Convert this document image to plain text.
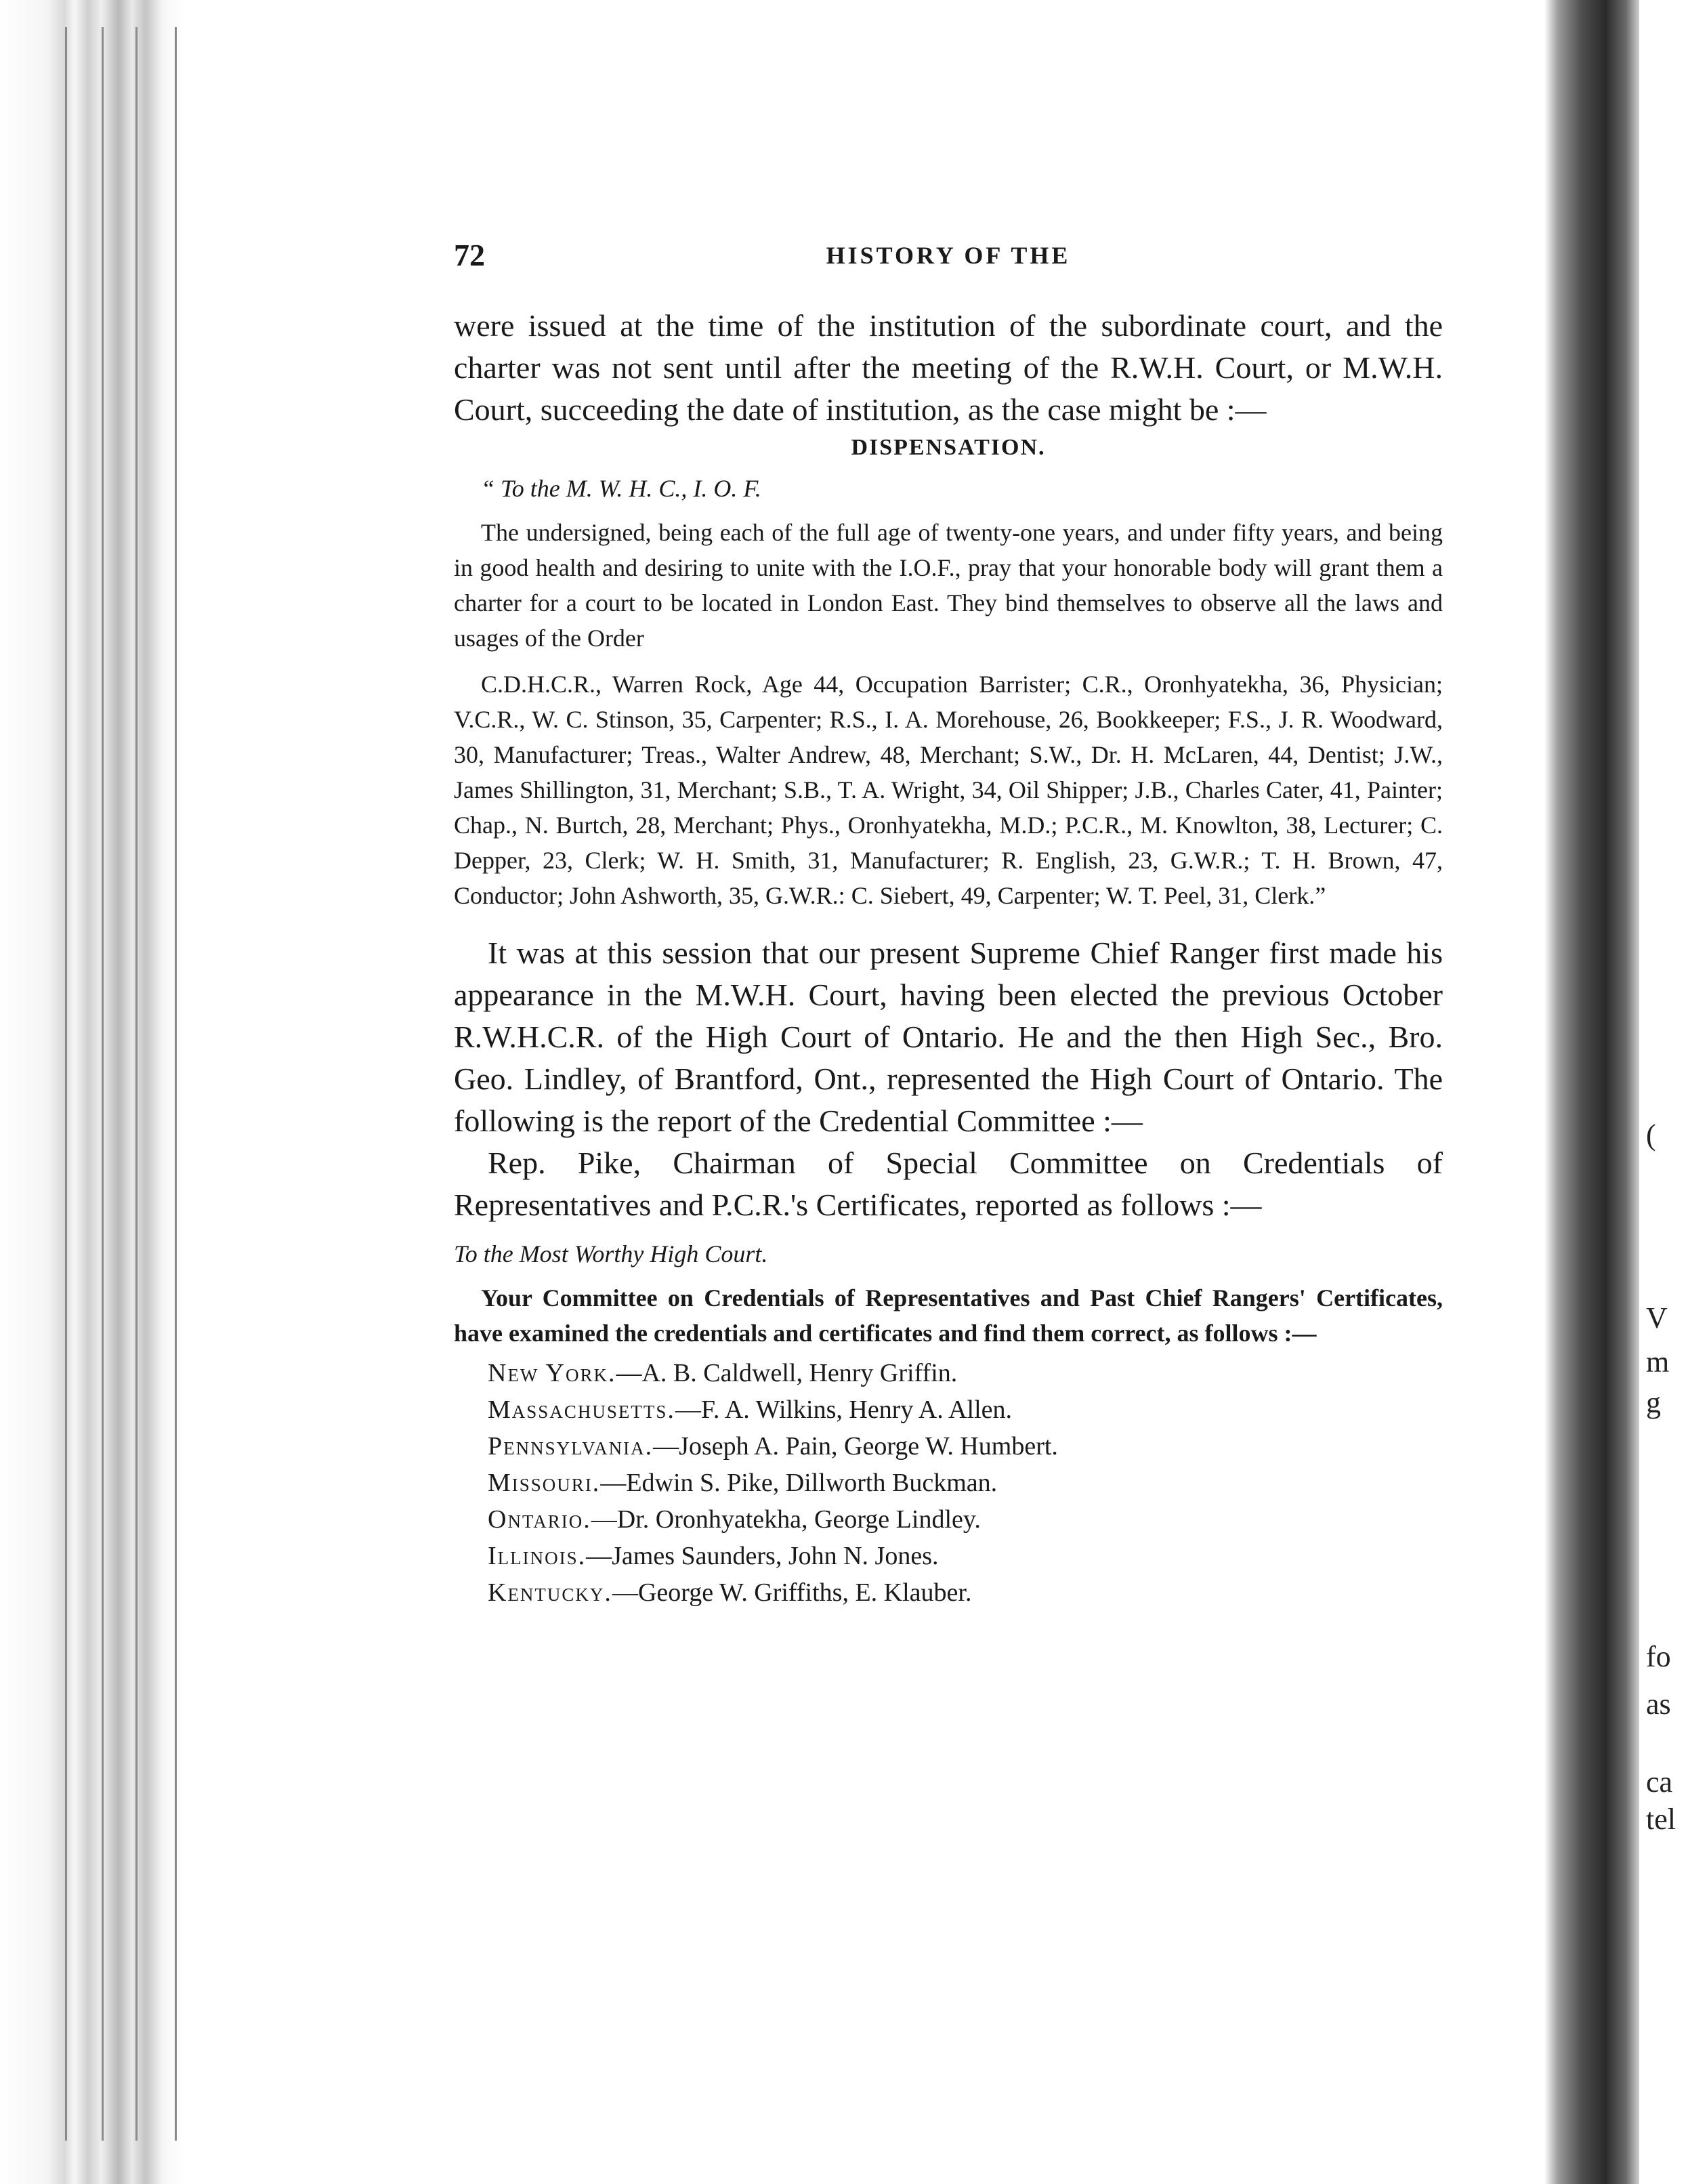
(
V
m
g
fo
as
ca
tel
72	HISTORY OF THE

were issued at the time of the institution of the subordinate court, and the charter was not sent until after the meeting of the R.W.H. Court, or M.W.H. Court, succeeding the date of institution, as the case might be :—

DISPENSATION.
“ To the M. W. H. C., I. O. F.

The undersigned, being each of the full age of twenty-one years, and under fifty years, and being in good health and desiring to unite with the I.O.F., pray that your honorable body will grant them a charter for a court to be located in London East. They bind themselves to observe all the laws and usages of the Order

C.D.H.C.R., Warren Rock, Age 44, Occupation Barrister; C.R., Oronhyatekha, 36, Physician; V.C.R., W. C. Stinson, 35, Carpenter; R.S., I. A. Morehouse, 26, Bookkeeper; F.S., J. R. Woodward, 30, Manufacturer; Treas., Walter Andrew, 48, Merchant; S.W., Dr. H. McLaren, 44, Dentist; J.W., James Shillington, 31, Merchant; S.B., T. A. Wright, 34, Oil Shipper; J.B., Charles Cater, 41, Painter; Chap., N. Burtch, 28, Merchant; Phys., Oronhyatekha, M.D.; P.C.R., M. Knowlton, 38, Lecturer; C. Depper, 23, Clerk; W. H. Smith, 31, Manufacturer; R. English, 23, G.W.R.; T. H. Brown, 47, Conductor; John Ashworth, 35, G.W.R.: C. Siebert, 49, Carpenter; W. T. Peel, 31, Clerk.”

It was at this session that our present Supreme Chief Ranger first made his appearance in the M.W.H. Court, having been elected the previous October R.W.H.C.R. of the High Court of Ontario. He and the then High Sec., Bro. Geo. Lindley, of Brantford, Ont., represented the High Court of Ontario. The following is the report of the Credential Committee :—

Rep. Pike, Chairman of Special Committee on Credentials of Representatives and P.C.R.'s Certificates, reported as follows :—

To the Most Worthy High Court.

Your Committee on Credentials of Representatives and Past Chief Rangers' Certificates, have examined the credentials and certificates and find them correct, as follows :—

New York.—A. B. Caldwell, Henry Griffin.
Massachusetts.—F. A. Wilkins, Henry A. Allen.
Pennsylvania.—Joseph A. Pain, George W. Humbert.
Missouri.—Edwin S. Pike, Dillworth Buckman.
Ontario.—Dr. Oronhyatekha, George Lindley.
Illinois.—James Saunders, John N. Jones.
Kentucky.—George W. Griffiths, E. Klauber.
